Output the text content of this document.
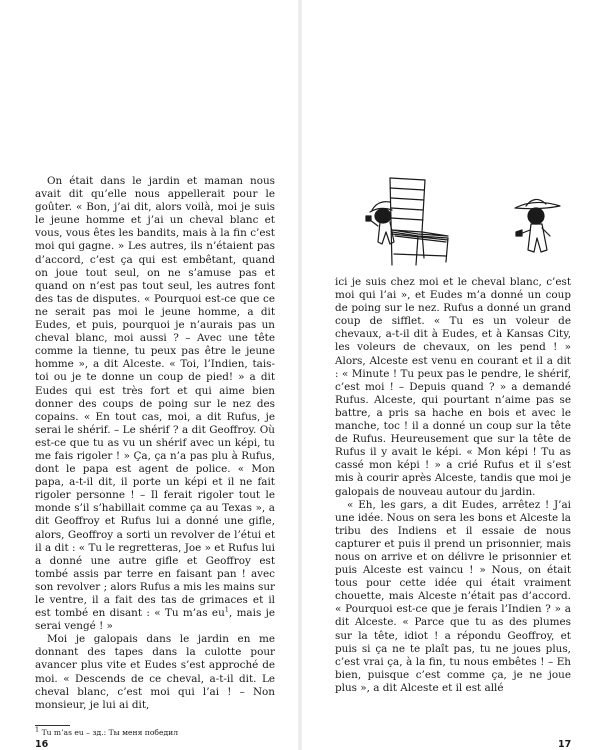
On était dans le jardin et maman nous avait dit qu’elle nous appellerait pour le goûter. « Bon, j’ai dit, alors voilà, moi je suis le jeune homme et j’ai un cheval blanc et vous, vous êtes les bandits, mais à la fin c’est moi qui gagne. » Les autres, ils n’étaient pas d’accord, c’est ça qui est embêtant, quand on joue tout seul, on ne s’amuse pas et quand on n’est pas tout seul, les autres font des tas de disputes. « Pourquoi est-ce que ce ne serait pas moi le jeune homme, a dit Eudes, et puis, pourquoi je n’aurais pas un cheval blanc, moi aussi ? – Avec une tête comme la tienne, tu peux pas être le jeune homme », a dit Alceste. « Toi, l’Indien, tais-toi ou je te donne un coup de pied! » a dit Eudes qui est très fort et qui aime bien donner des coups de poing sur le nez des copains. « En tout cas, moi, a dit Rufus, je serai le shérif. – Le shérif ? a dit Geoffroy. Où est-ce que tu as vu un shérif avec un képi, tu me fais rigoler ! » Ça, ça n’a pas plu à Rufus, dont le papa est agent de police. « Mon papa, a-t-il dit, il porte un képi et il ne fait rigoler personne ! – Il ferait rigoler tout le monde s’il s’habillait comme ça au Texas », a dit Geoffroy et Rufus lui a donné une gifle, alors, Geoffroy a sorti un revolver de l’étui et il a dit : « Tu le regretteras, Joe » et Rufus lui a donné une autre gifle et Geoffroy est tombé assis par terre en faisant pan ! avec son revolver ; alors Rufus a mis les mains sur le ventre, il a fait des tas de grimaces et il est tombé en disant : « Tu m’as $eu^1$, mais je serai vengé ! »

Moi je galopais dans le jardin en me donnant des tapes dans la culotte pour avancer plus vite et Eudes s’est approché de moi. « Descends de ce cheval, a-t-il dit. Le cheval blanc, c’est moi qui l’ai ! – Non monsieur, je lui ai dit,

$^1$ Tu m’as eu – зд.: Ты меня победил
16

ici je suis chez moi et le cheval blanc, c’est moi qui l’ai », et Eudes m’a donné un coup de poing sur le nez. Rufus a donné un grand coup de sifflet. « Tu es un voleur de chevaux, a-t-il dit à Eudes, et à Kansas City, les voleurs de chevaux, on les pend ! » Alors, Alceste est venu en courant et il a dit : « Minute ! Tu peux pas le pendre, le shérif, c’est moi ! – Depuis quand ? » a demandé Rufus. Alceste, qui pourtant n’aime pas se battre, a pris sa hache en bois et avec le manche, toc ! il a donné un coup sur la tête de Rufus. Heureusement que sur la tête de Rufus il y avait le képi. « Mon képi ! Tu as cassé mon képi ! » a crié Rufus et il s’est mis à courir après Alceste, tandis que moi je galopais de nouveau autour du jardin.

« Eh, les gars, a dit Eudes, arrêtez ! J’ai une idée. Nous on sera les bons et Alceste la tribu des Indiens et il essaie de nous capturer et puis il prend un prisonnier, mais nous on arrive et on délivre le prisonnier et puis Alceste est vaincu ! » Nous, on était tous pour cette idée qui était vraiment chouette, mais Alceste n’était pas d’accord. « Pourquoi est-ce que je ferais l’Indien ? » a dit Alceste. « Parce que tu as des plumes sur la tête, idiot ! a répondu Geoffroy, et puis si ça ne te plaît pas, tu ne joues plus, c’est vrai ça, à la fin, tu nous embêtes ! – Eh bien, puisque c’est comme ça, je ne joue plus », a dit Alceste et il est allé

17
